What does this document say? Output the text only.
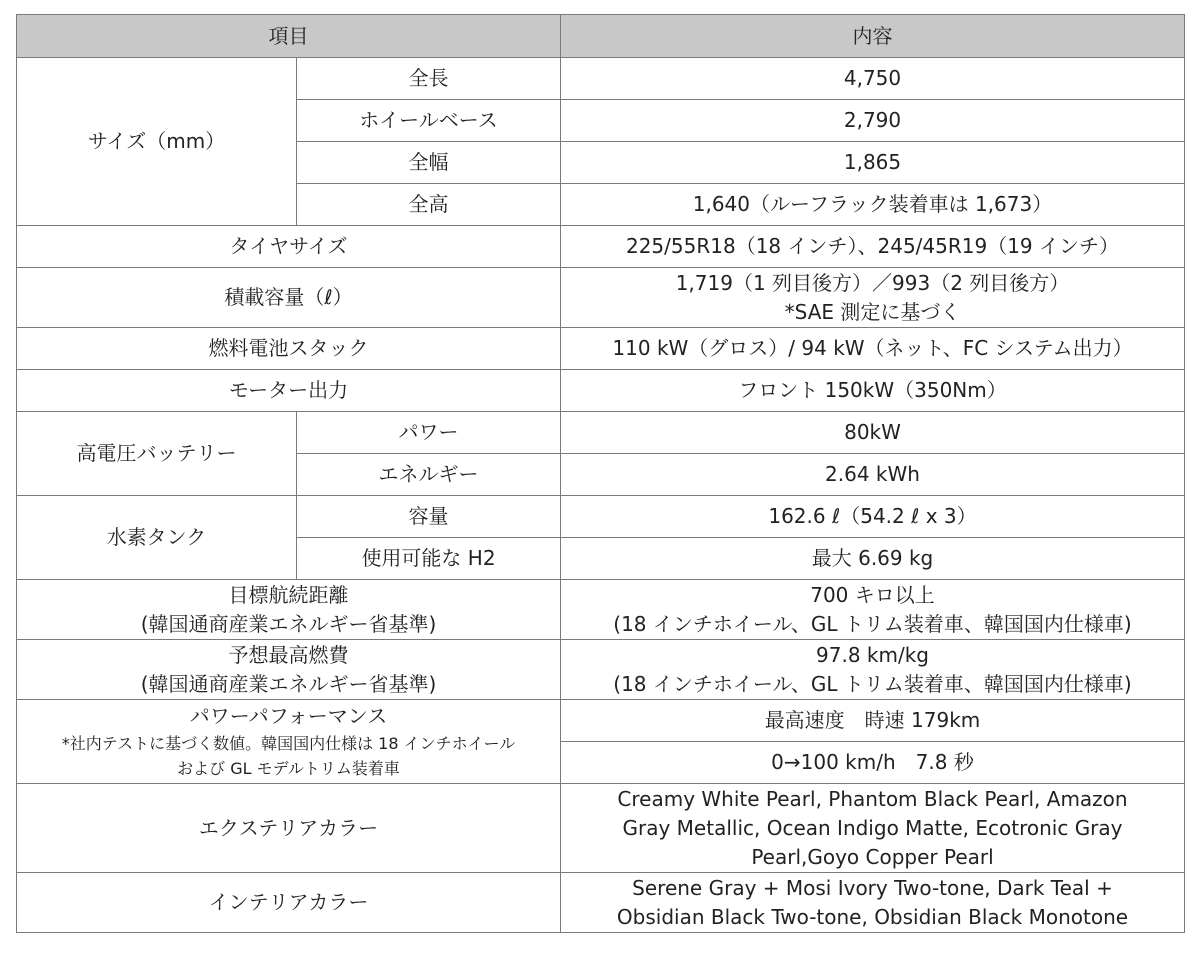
項目		内容
サイズ（mm）	全長	4,750
	ホイールベース	2,790
	全幅	1,865
	全高	1,640（ルーフラック装着車は 1,673）
タイヤサイズ		225/55R18（18 インチ）、245/45R19（19 インチ）
積載容量（ℓ）		1,719（1 列目後方）／993（2 列目後方）
*SAE 測定に基づく

燃料電池スタック		110 kW（グロス）/ 94 kW（ネット、FC システム出力）
モーター出力		フロント 150kW（350Nm）
高電圧バッテリー	パワー	80kW
	エネルギー	2.64 kWh
水素タンク	容量	162.6 ℓ（54.2 ℓ x 3）
	使用可能な H2	最大 6.69 kg

目標航続距離
(韓国通商産業エネルギー省基準)		700 キロ以上
(18 インチホイール、GL トリム装着車、韓国国内仕様車)

予想最高燃費
(韓国通商産業エネルギー省基準)		97.8 km/kg
(18 インチホイール、GL トリム装着車、韓国国内仕様車)

パワーパフォーマンス
*社内テストに基づく数値。韓国国内仕様は 18 インチホイール
および GL モデルトリム装着車		最高速度　時速 179km
		0→100 km/h　7.8 秒
エクステリアカラー		Creamy White Pearl, Phantom Black Pearl, Amazon
Gray Metallic, Ocean Indigo Matte, Ecotronic Gray
Pearl,Goyo Copper Pearl

インテリアカラー		Serene Gray + Mosi Ivory Two-tone, Dark Teal +
Obsidian Black Two-tone, Obsidian Black Monotone
